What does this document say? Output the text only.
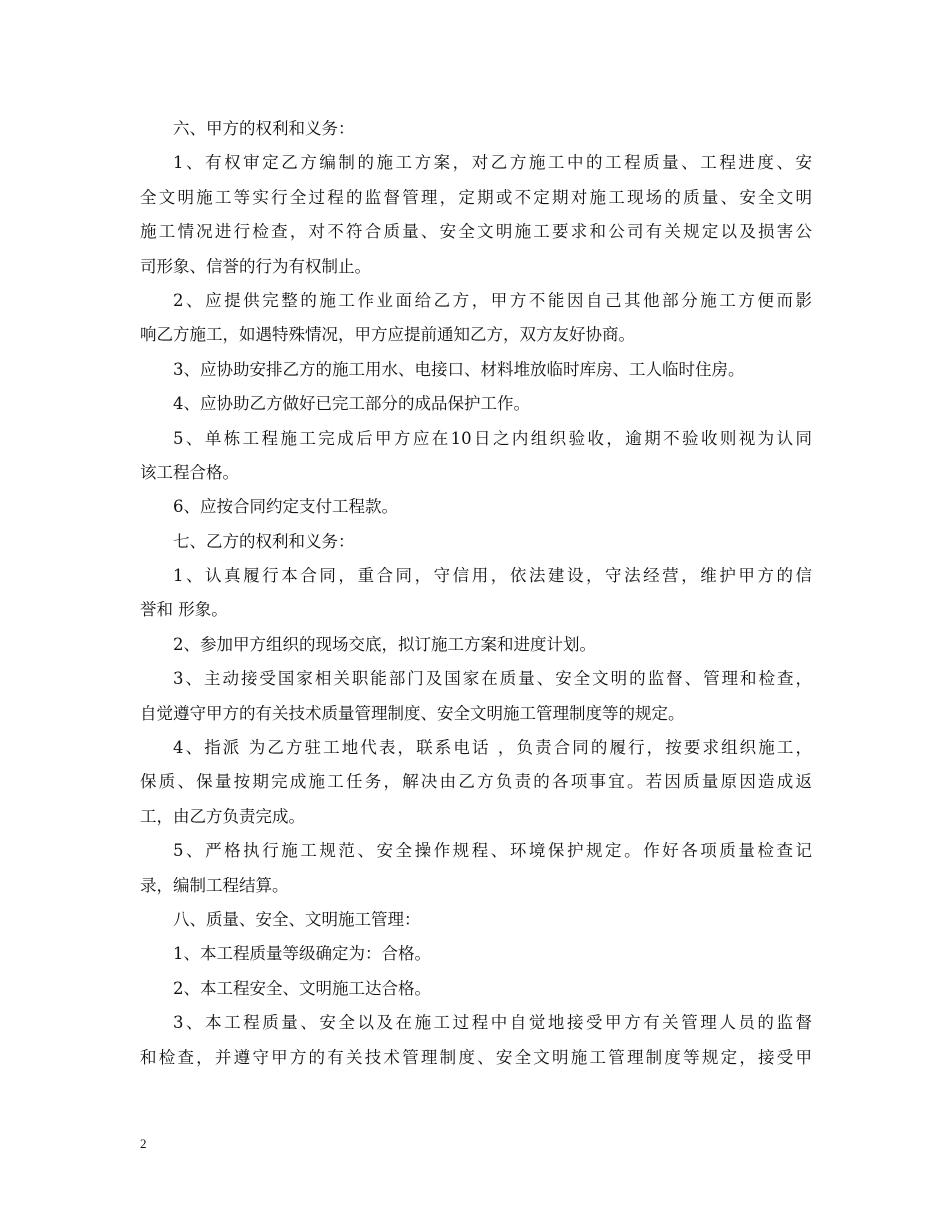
六、甲方的权利和义务：
1、有权审定乙方编制的施工方案，对乙方施工中的工程质量、工程进度、安
全文明施工等实行全过程的监督管理，定期或不定期对施工现场的质量、安全文明
施工情况进行检查，对不符合质量、安全文明施工要求和公司有关规定以及损害公
司形象、信誉的行为有权制止。
2、应提供完整的施工作业面给乙方，甲方不能因自己其他部分施工方便而影
响乙方施工，如遇特殊情况，甲方应提前通知乙方，双方友好协商。
3、应协助安排乙方的施工用水、电接口、材料堆放临时库房、工人临时住房。
4、应协助乙方做好已完工部分的成品保护工作。
5、单栋工程施工完成后甲方应在10日之内组织验收，逾期不验收则视为认同
该工程合格。
6、应按合同约定支付工程款。
七、乙方的权利和义务：
1、认真履行本合同，重合同，守信用，依法建设，守法经营，维护甲方的信
誉和 形象。
2、参加甲方组织的现场交底，拟订施工方案和进度计划。
3、主动接受国家相关职能部门及国家在质量、安全文明的监督、管理和检查，
自觉遵守甲方的有关技术质量管理制度、安全文明施工管理制度等的规定。
4、指派 为乙方驻工地代表，联系电话 ，负责合同的履行，按要求组织施工，
保质、保量按期完成施工任务，解决由乙方负责的各项事宜。若因质量原因造成返
工，由乙方负责完成。
5、严格执行施工规范、安全操作规程、环境保护规定。作好各项质量检查记
录，编制工程结算。
八、质量、安全、文明施工管理：
1、本工程质量等级确定为：合格。
2、本工程安全、文明施工达合格。
3、本工程质量、安全以及在施工过程中自觉地接受甲方有关管理人员的监督
和检查，并遵守甲方的有关技术管理制度、安全文明施工管理制度等规定，接受甲
2
